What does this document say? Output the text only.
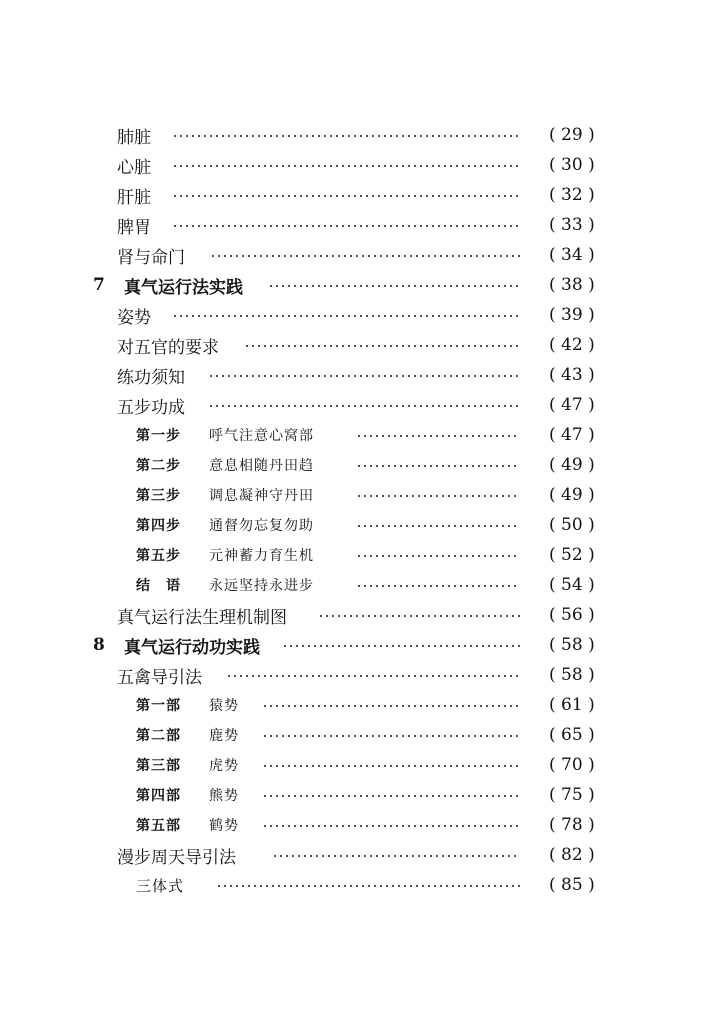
肺脏	( 29 )
心脏	( 30 )
肝脏	( 32 )
脾胃	( 33 )
肾与命门	( 34 )
7 真气运行法实践	( 38 )
姿势	( 39 )
对五官的要求	( 42 )
练功须知	( 43 )
五步功成	( 47 )
第一步 呼气注意心窝部	( 47 )
第二步 意息相随丹田趋	( 49 )
第三步 调息凝神守丹田	( 49 )
第四步 通督勿忘复勿助	( 50 )
第五步 元神蓄力育生机	( 52 )
结　语 永远坚持永进步	( 54 )
真气运行法生理机制图	( 56 )
8 真气运行动功实践	( 58 )
五禽导引法	( 58 )
第一部 猿势	( 61 )
第二部 鹿势	( 65 )
第三部 虎势	( 70 )
第四部 熊势	( 75 )
第五部 鹤势	( 78 )
漫步周天导引法	( 82 )
三体式	( 85 )
